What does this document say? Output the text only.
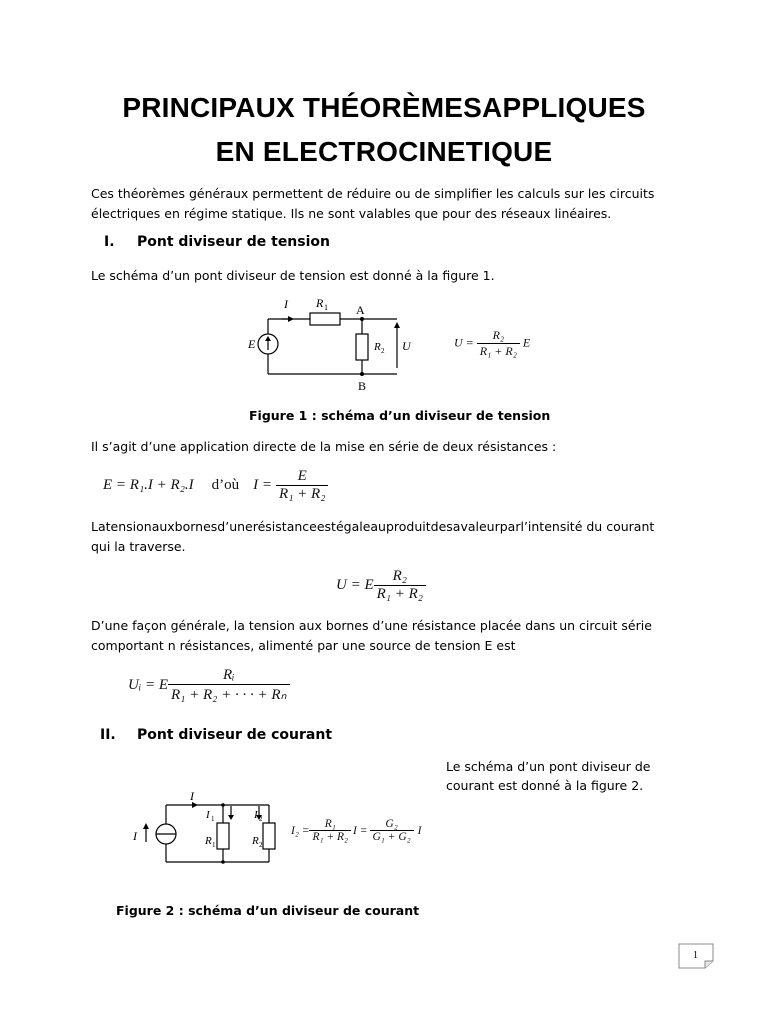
PRINCIPAUX THÉORÈMESAPPLIQUES
EN ELECTROCINETIQUE
Ces théorèmes généraux permettent de réduire ou de simplifier les calculs sur les circuits
électriques en régime statique. Ils ne sont valables que pour des réseaux linéaires.
I. Pont diviseur de tension
Le schéma d’un pont diviseur de tension est donné à la figure 1.
I R 1 A
B
E	R 2 U	$U = \frac{\text{R₂}}{\text{R₁ + R₂}}$ E
Figure 1 : schéma d’un diviseur de tension
Il s’agit d’une application directe de la mise en série de deux résistances :
E = R₁.I + R₂.I d’où $I = \frac{E}{\text{R₁ + R₂}}$
Latensionauxbornesd’unerésistanceestégaleauproduitdesavaleurparl’intensité du courant
qui la traverse.
U = E $\frac{\text{R₂}}{\text{R₁ + R₂}}$
D’une façon générale, la tension aux bornes d’une résistance placée dans un circuit série
comportant n résistances, alimenté par une source de tension E est
Uᵢ = E $\frac{\text{Rᵢ}}{\text{R₁ + R₂ + · · · + Rₙ}}$
II. Pont diviseur de courant
Le schéma d’un pont diviseur de
courant est donné à la figure 2.
I
I
I 1	I 2
R 1	R 2
$I_2 = \frac{\text{R₁}}{\text{R₁ + R₂}}$ $I = \frac{\text{G₂}}{\text{G₁ + G₂}}$ I
Figure 2 : schéma d’un diviseur de courant
1
